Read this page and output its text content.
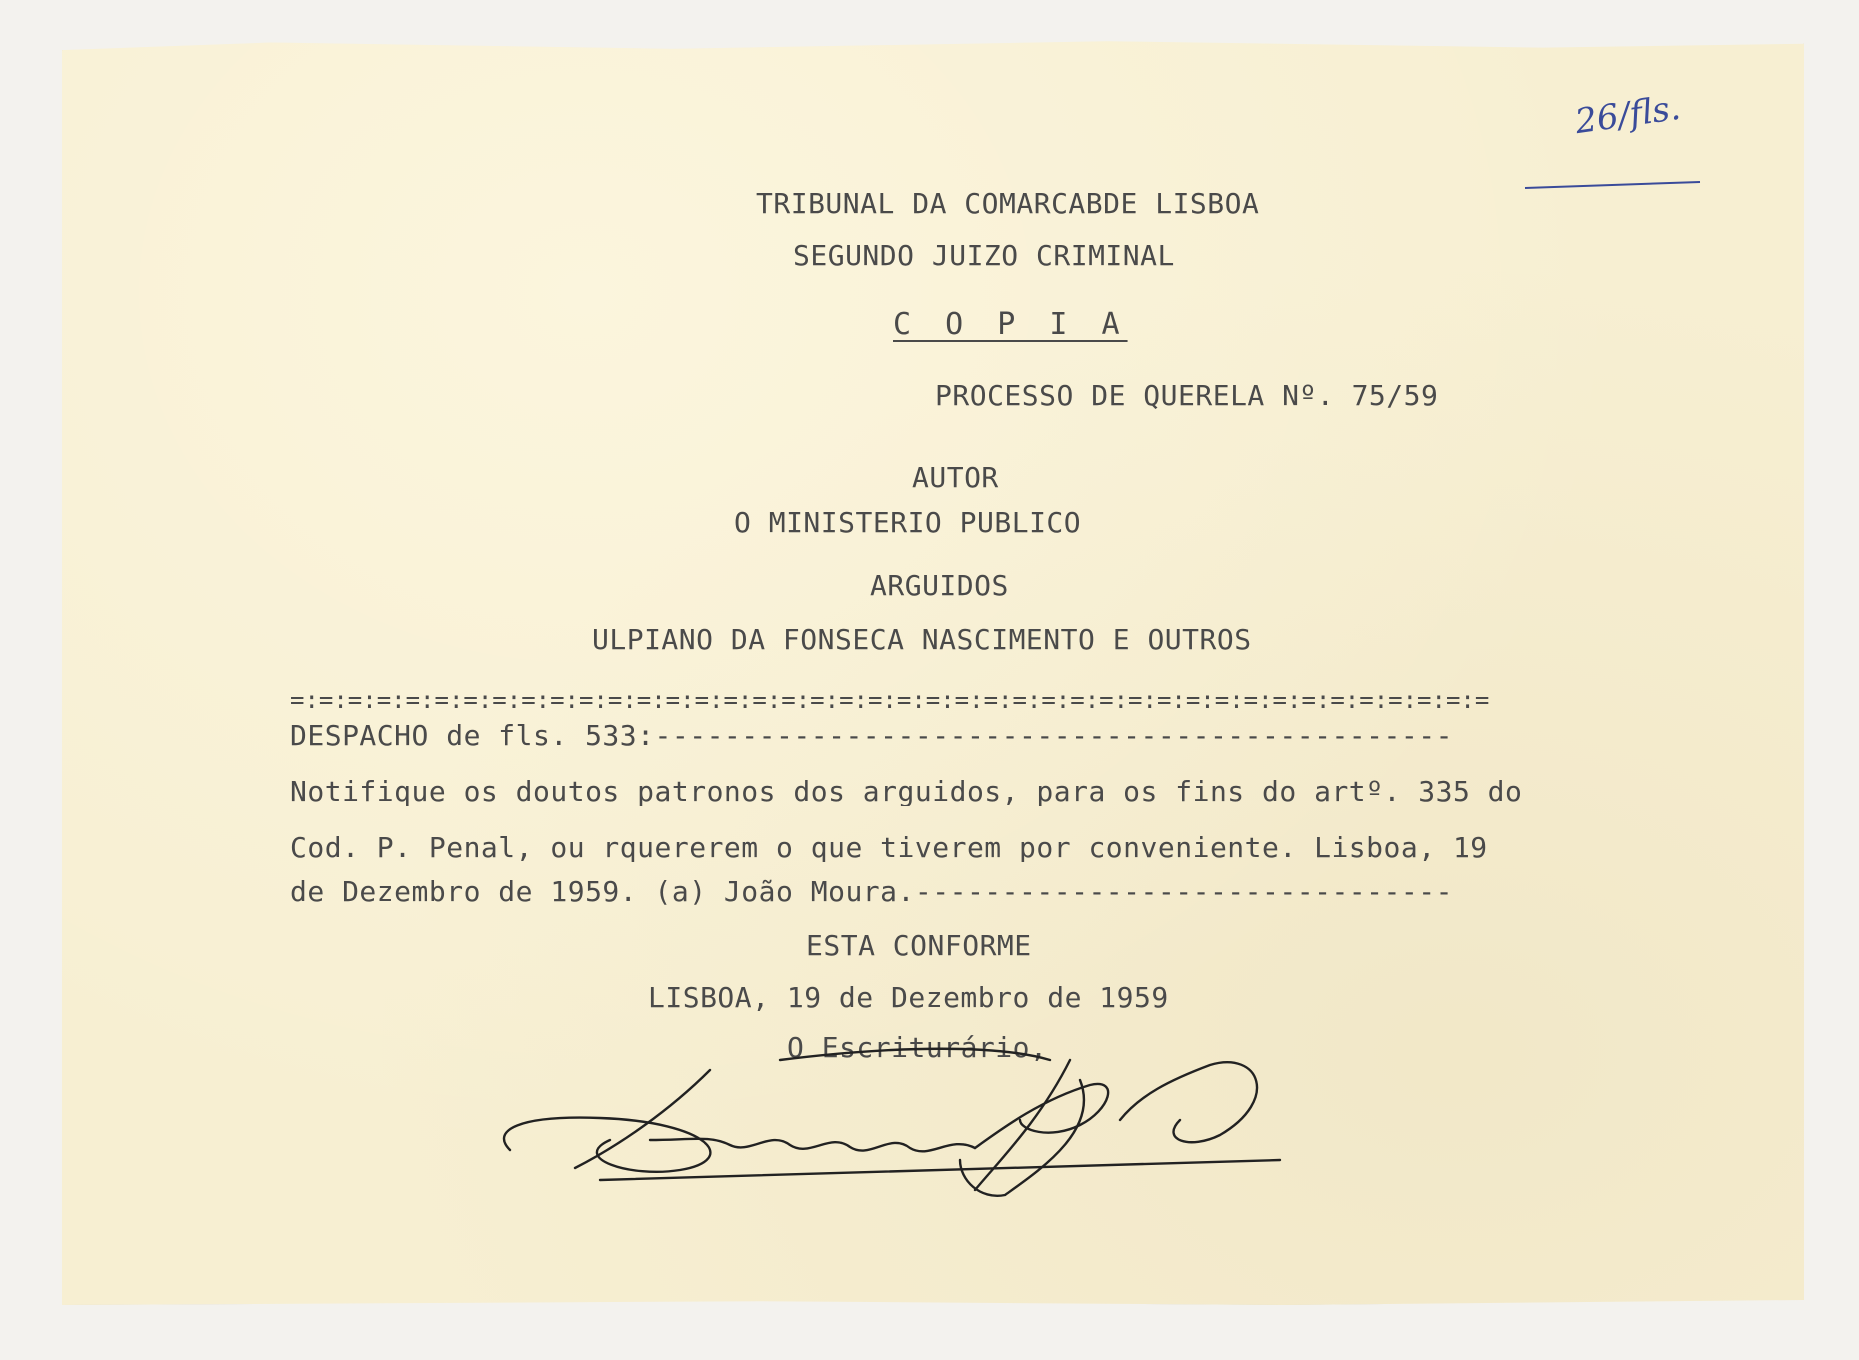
26/fls.
TRIBUNAL DA COMARCABDE LISBOA
SEGUNDO JUIZO CRIMINAL
C O P I A
PROCESSO DE QUERELA Nº. 75/59
AUTOR
O MINISTERIO PUBLICO
ARGUIDOS
ULPIANO DA FONSECA NASCIMENTO E OUTROS
=:=:=:=:=:=:=:=:=:=:=:=:=:=:=:=:=:=:=:=:=:=:=:=:=:=:=:=:=:=:=:=:=:=:=:=:=:=:=:=:=:=
DESPACHO de fls. 533:----------------------------------------------
Notifique os doutos patronos dos arguidos, para os fins do artº. 335 do
Cod. P. Penal, ou rquererem o que tiverem por conveniente. Lisboa, 19
de Dezembro de 1959. (a) João Moura.-------------------------------
ESTA CONFORME
LISBOA, 19 de Dezembro de 1959
O Escriturário,
